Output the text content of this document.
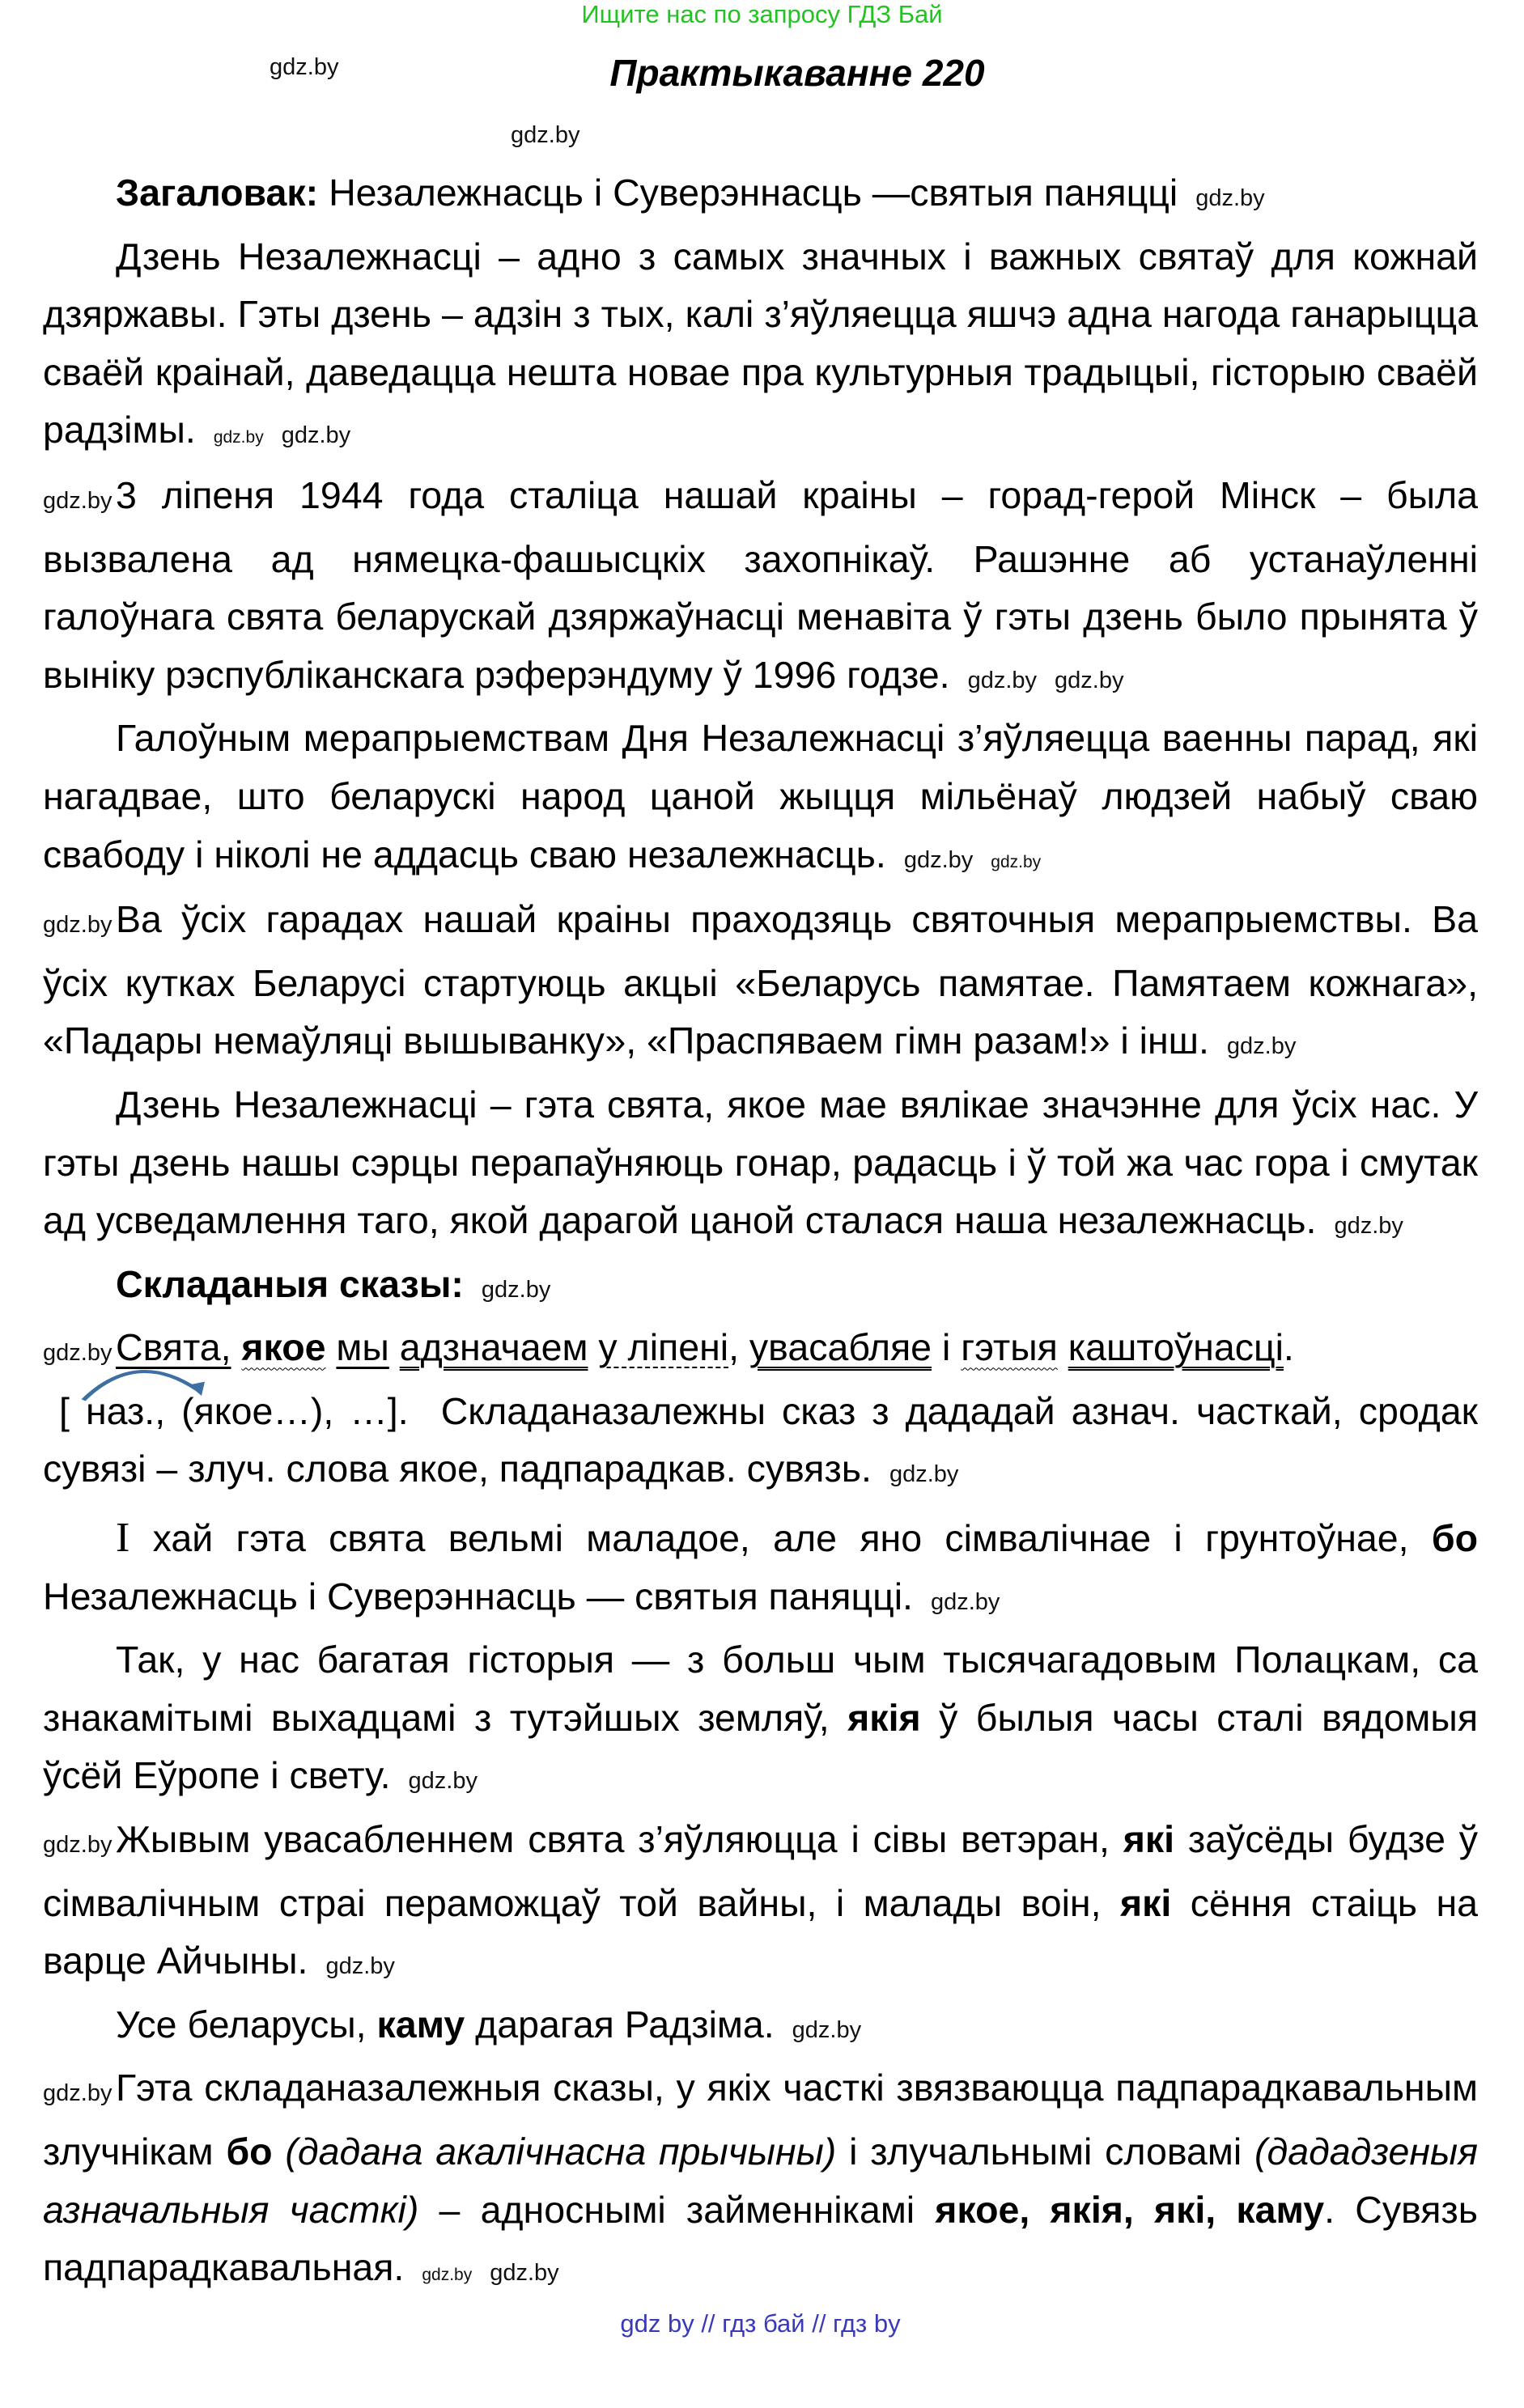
Ищите нас по запросу ГДЗ Бай
Практыкаванне 220
gdz.by
gdz.by

Загаловак: Незалежнасць і Суверэннасць —святыя паняцці gdz.by

Дзень Незалежнасці – адно з самых значных і важных святаў для кожнай дзяржавы. Гэты дзень – адзін з тых, калі з’яўляецца яшчэ адна нагода ганарыцца сваёй краінай, даведацца нешта новае пра культурныя традыцыі, гісторыю сваёй радзімы. gdz.by gdz.by

gdz.by3 ліпеня 1944 года сталіца нашай краіны – горад-герой Мінск – была вызвалена ад нямецка-фашысцкіх захопнікаў. Рашэнне аб устанаўленні галоўнага свята беларускай дзяржаўнасці менавіта ў гэты дзень было прынята ў выніку рэспубліканскага рэферэндуму ў 1996 годзе. gdz.by gdz.by

Галоўным мерапрыемствам Дня Незалежнасці з’яўляецца ваенны парад, які нагадвае, што беларускі народ цаной жыцця мільёнаў людзей набыў сваю свабоду і ніколі не аддасць сваю незалежнасць. gdz.by gdz.by

gdz.byВа ўсіх гарадах нашай краіны праходзяць святочныя мерапрыемствы. Ва ўсіх кутках Беларусі стартуюць акцыі «Беларусь памятае. Памятаем кожнага», «Падары немаўляці вышыванку», «Праспяваем гімн разам!» і інш. gdz.by

Дзень Незалежнасці – гэта свята, якое мае вялікае значэнне для ўсіх нас. У гэты дзень нашы сэрцы перапаўняюць гонар, радасць і ў той жа час гора і смутак ад усведамлення таго, якой дарагой цаной сталася наша незалежнасць. gdz.by

Складаныя сказы: gdz.by

gdz.byСвята, якое мы адзначаем у ліпені, увасабляе і гэтыя каштоўнасці.

[ наз., (якое…), …]. Складаназалежны сказ з дададай азнач. часткай, сродак сувязі – злуч. слова якое, падпарадкав. сувязь. gdz.by

І хай гэта свята вельмі маладое, але яно сімвалічнае і грунтоўнае, бо Незалежнасць і Суверэннасць — святыя паняцці. gdz.by

Так, у нас багатая гісторыя — з больш чым тысячагадовым Полацкам, са знакамітымі выхадцамі з тутэйшых земляў, якія ў былыя часы сталі вядомыя ўсёй Еўропе і свету. gdz.by

gdz.byЖывым увасабленнем свята з’яўляюцца і сівы ветэран, які заўсёды будзе ў сімвалічным страі пераможцаў той вайны, і малады воін, які сёння стаіць на варце Айчыны. gdz.by

Усе беларусы, каму дарагая Радзіма. gdz.by

gdz.byГэта складаназалежныя сказы, у якіх часткі звязваюцца падпарадкавальным злучнікам бо (дадана акалічнасна прычыны) і злучальнымі словамі (дададзеныя азначальныя часткі) – адноснымі займеннікамі якое, якія, які, каму. Сувязь падпарадкавальная. gdz.by gdz.by

gdz by // гдз бай // гдз by
